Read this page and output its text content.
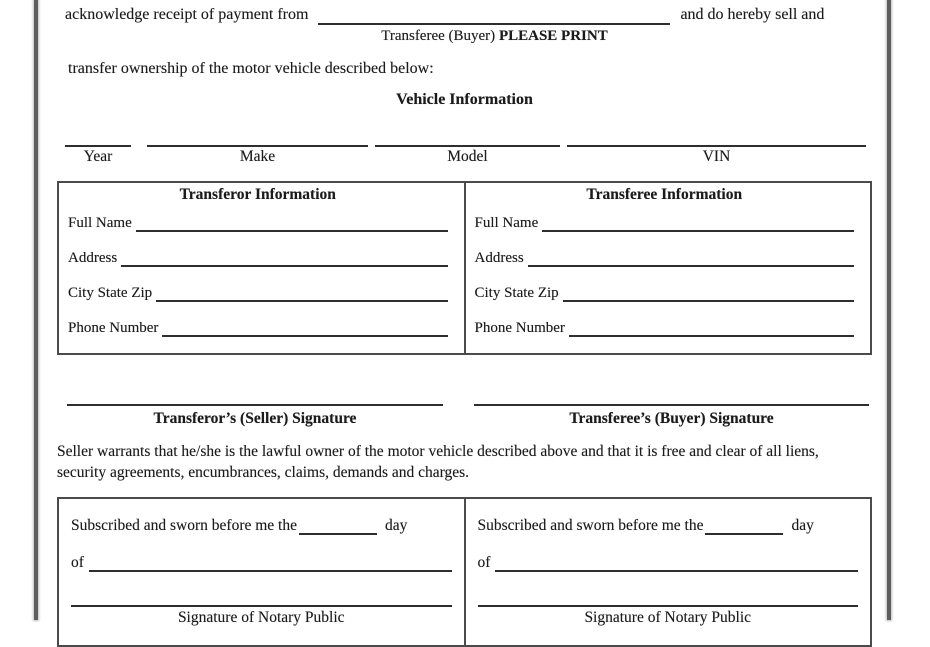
acknowledge receipt of payment from
Transferee (Buyer) PLEASE PRINT
and do hereby sell and
transfer ownership of the motor vehicle described below:
Vehicle Information
Year	Make	Model	VIN
Transferor Information
Full Name
Address
City State Zip
Phone Number
Transferee Information
Full Name
Address
City State Zip
Phone Number
Transferor’s (Seller) Signature	Transferee’s (Buyer) Signature
Seller warrants that he/she is the lawful owner of the motor vehicle described above and that it is free and clear of all liens, security agreements, encumbrances, claims, demands and charges.
Subscribed and sworn before me the	day
of
Signature of Notary Public
Subscribed and sworn before me the	day
of
Signature of Notary Public
